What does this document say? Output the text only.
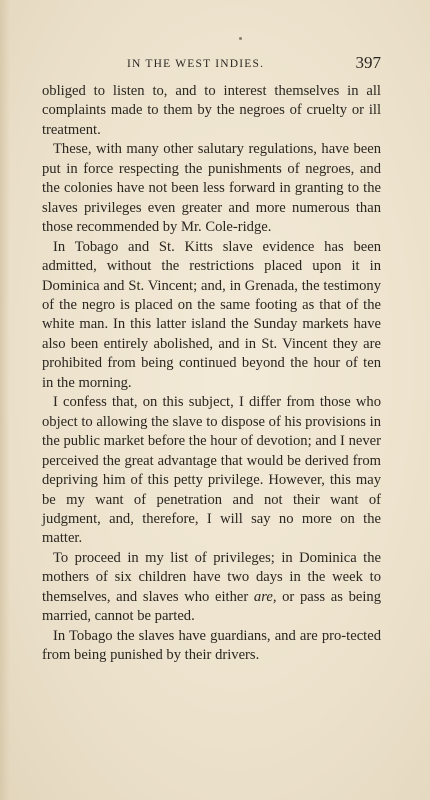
IN THE WEST INDIES.	397

obliged to listen to, and to interest themselves in all complaints made to them by the negroes of cruelty or ill treatment.

These, with many other salutary regulations, have been put in force respecting the punishments of negroes, and the colonies have not been less forward in granting to the slaves privileges even greater and more numerous than those recommended by Mr. Cole-ridge.

In Tobago and St. Kitts slave evidence has been admitted, without the restrictions placed upon it in Dominica and St. Vincent; and, in Grenada, the testimony of the negro is placed on the same footing as that of the white man. In this latter island the Sunday markets have also been entirely abolished, and in St. Vincent they are prohibited from being continued beyond the hour of ten in the morning.

I confess that, on this subject, I differ from those who object to allowing the slave to dispose of his provisions in the public market before the hour of devotion; and I never perceived the great advantage that would be derived from depriving him of this petty privilege. However, this may be my want of penetration and not their want of judgment, and, therefore, I will say no more on the matter.

To proceed in my list of privileges; in Dominica the mothers of six children have two days in the week to themselves, and slaves who either are, or pass as being married, cannot be parted.

In Tobago the slaves have guardians, and are pro-tected from being punished by their drivers.
